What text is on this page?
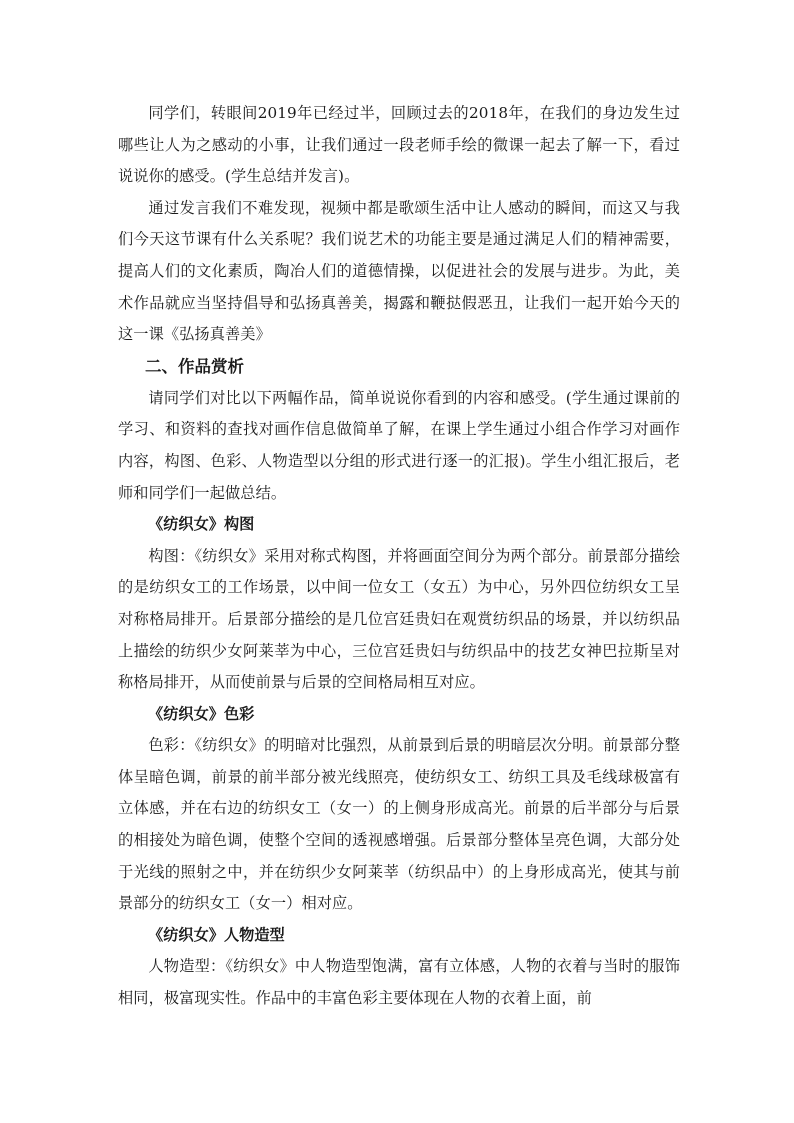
同学们，转眼间2019年已经过半，回顾过去的2018年，在我们的身边发生过哪些让人为之感动的小事，让我们通过一段老师手绘的微课一起去了解一下，看过说说你的感受。(学生总结并发言)。

通过发言我们不难发现，视频中都是歌颂生活中让人感动的瞬间，而这又与我们今天这节课有什么关系呢？我们说艺术的功能主要是通过满足人们的精神需要，提高人们的文化素质，陶冶人们的道德情操，以促进社会的发展与进步。为此，美术作品就应当坚持倡导和弘扬真善美，揭露和鞭挞假恶丑，让我们一起开始今天的这一课《弘扬真善美》

二、作品赏析

请同学们对比以下两幅作品，简单说说你看到的内容和感受。(学生通过课前的学习、和资料的查找对画作信息做简单了解，在课上学生通过小组合作学习对画作内容，构图、色彩、人物造型以分组的形式进行逐一的汇报)。学生小组汇报后，老师和同学们一起做总结。

《纺织女》构图

构图：《纺织女》采用对称式构图，并将画面空间分为两个部分。前景部分描绘的是纺织女工的工作场景，以中间一位女工（女五）为中心，另外四位纺织女工呈对称格局排开。后景部分描绘的是几位宫廷贵妇在观赏纺织品的场景，并以纺织品上描绘的纺织少女阿莱莘为中心，三位宫廷贵妇与纺织品中的技艺女神巴拉斯呈对称格局排开，从而使前景与后景的空间格局相互对应。

《纺织女》色彩

色彩：《纺织女》的明暗对比强烈，从前景到后景的明暗层次分明。前景部分整体呈暗色调，前景的前半部分被光线照亮，使纺织女工、纺织工具及毛线球极富有立体感，并在右边的纺织女工（女一）的上侧身形成高光。前景的后半部分与后景的相接处为暗色调，使整个空间的透视感增强。后景部分整体呈亮色调，大部分处于光线的照射之中，并在纺织少女阿莱莘（纺织品中）的上身形成高光，使其与前景部分的纺织女工（女一）相对应。

《纺织女》人物造型

人物造型：《纺织女》中人物造型饱满，富有立体感，人物的衣着与当时的服饰相同，极富现实性。作品中的丰富色彩主要体现在人物的衣着上面，前
